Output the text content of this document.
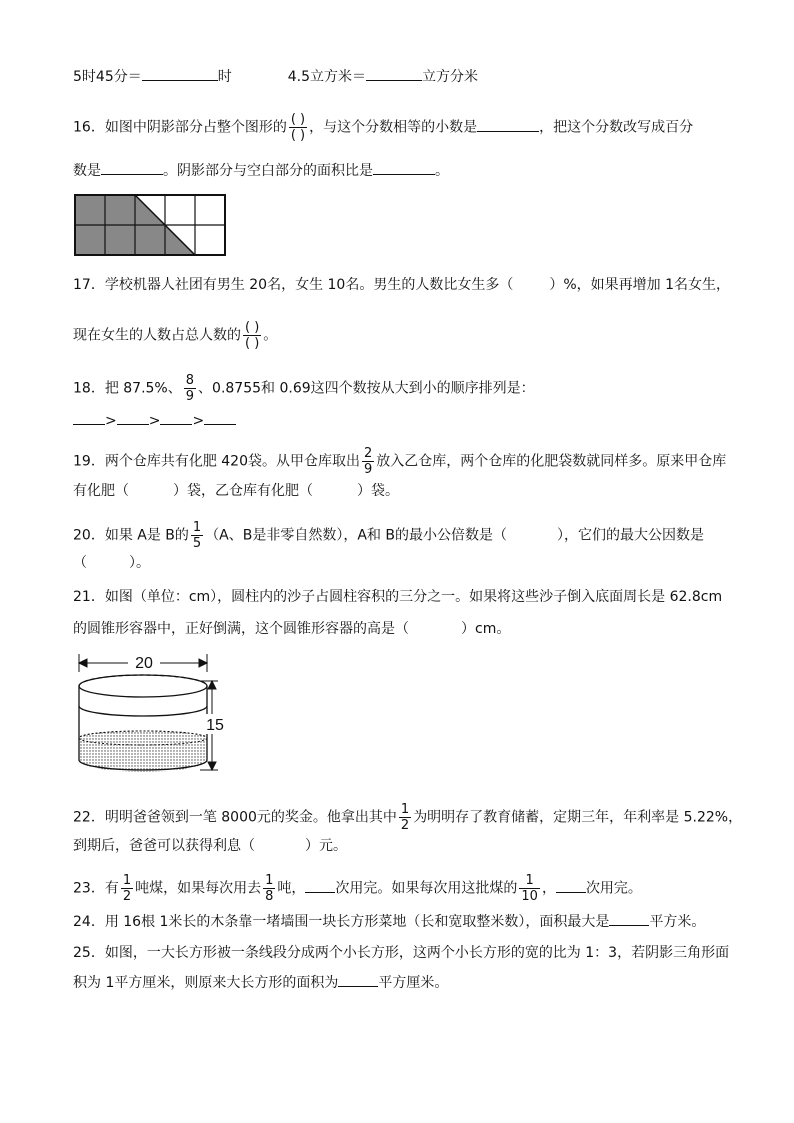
5时45分＝	时	4.5立方米＝	立方分米
16．如图中阴影部分占整个图形的 $\frac{( )}{( )}$ ，与这个分数相等的小数是	，把这个分数改写成百分
数是	。阴影部分与空白部分的面积比是	。
17．学校机器人社团有男生 20名，女生 10名。男生的人数比女生多（	）%，如果再增加 1名女生，
现在女生的人数占总人数的 $\frac{( )}{( )}$ 。
18．把 87.5%、 $\frac{8}{9}$ 、0.8755和 0.69这四个数按从大到小的顺序排列是：
> > >
19．两个仓库共有化肥 420袋。从甲仓库取出 $\frac{2}{9}$ 放入乙仓库，两个仓库的化肥袋数就同样多。原来甲仓库
有化肥（	）袋，乙仓库有化肥（	）袋。
20．如果 A是 B的 $\frac{1}{5} (A$、B是非零自然数），A和 B的最小公倍数是（	），它们的最大公因数是
（	）。
21．如图（单位：cm），圆柱内的沙子占圆柱容积的三分之一。如果将这些沙子倒入底面周长是 62.8cm
的圆锥形容器中，正好倒满，这个圆锥形容器的高是（	）cm。
20
15
22．明明爸爸领到一笔 8000元的奖金。他拿出其中 $\frac{1}{2}$ 为明明存了教育储蓄，定期三年，年利率是 5.22%，
到期后，爸爸可以获得利息（	）元。
23．有 $\frac{1}{2}$ 吨煤，如果每次用去 $\frac{1}{8}$ 吨， 次用完。如果每次用这批煤的 $\frac{1}{10}$ ， 次用完。
24．用 16根 1米长的木条靠一堵墙围一块长方形菜地（长和宽取整米数），面积最大是	平方米。
25．如图，一大长方形被一条线段分成两个小长方形，这两个小长方形的宽的比为 1：3，若阴影三角形面
积为 1平方厘米，则原来大长方形的面积为	平方厘米。
